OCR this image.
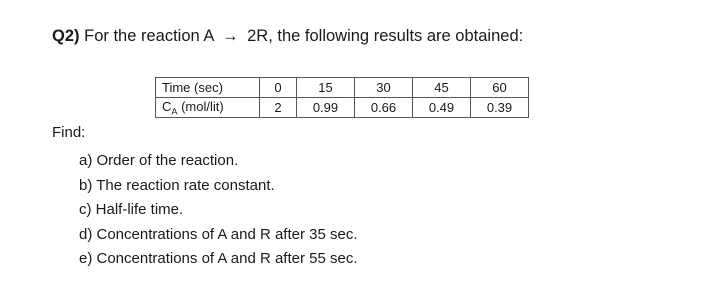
Q2) For the reaction A → 2R, the following results are obtained:
Time (sec)	0	15	30	45	60
$C_A$ (mol/lit)	2	0.99	0.66	0.49	0.39
Find:
a) Order of the reaction.
b) The reaction rate constant.
c) Half-life time.
d) Concentrations of A and R after 35 sec.
e) Concentrations of A and R after 55 sec.
